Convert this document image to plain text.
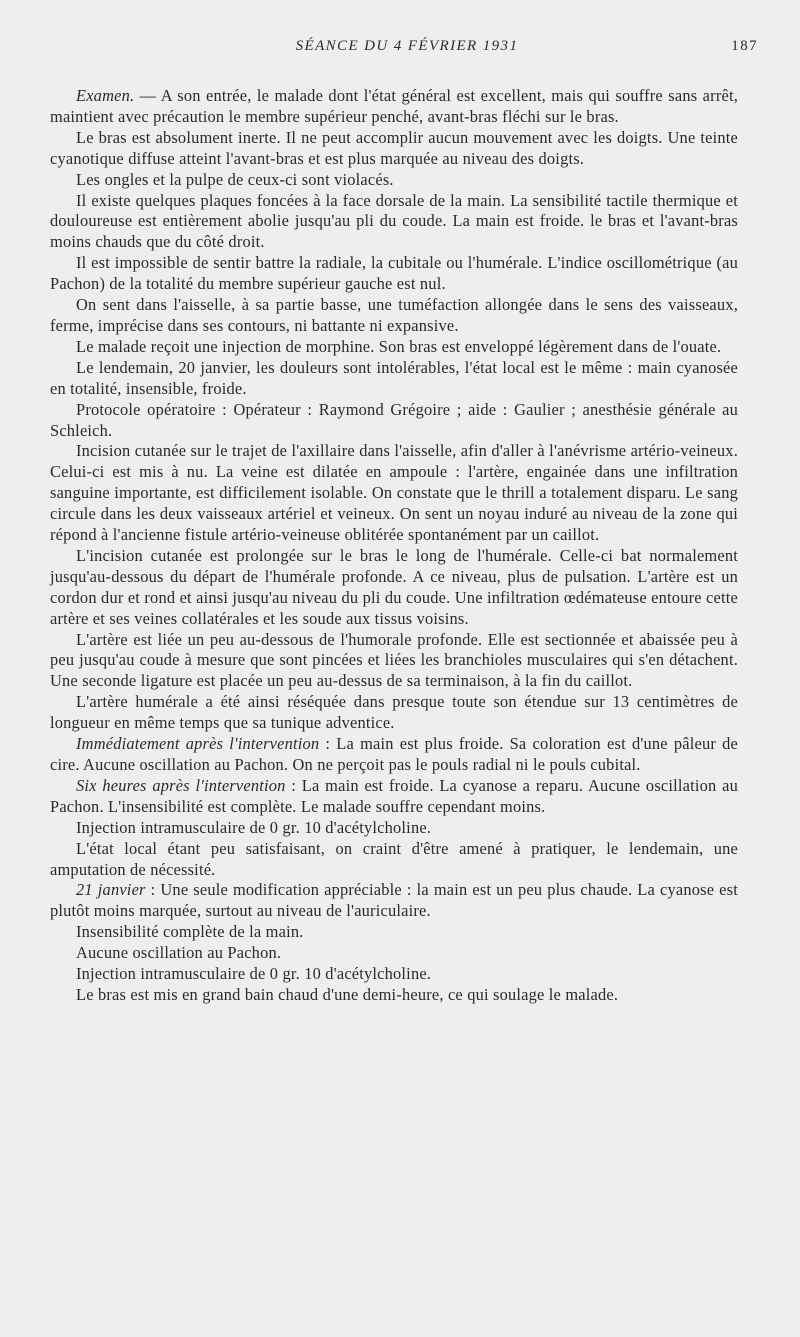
SÉANCE DU 4 FÉVRIER 1931	187

Examen. — A son entrée, le malade dont l'état général est excellent, mais qui souffre sans arrêt, maintient avec précaution le membre supérieur penché, avant-bras fléchi sur le bras.

Le bras est absolument inerte. Il ne peut accomplir aucun mouvement avec les doigts. Une teinte cyanotique diffuse atteint l'avant-bras et est plus marquée au niveau des doigts.

Les ongles et la pulpe de ceux-ci sont violacés.

Il existe quelques plaques foncées à la face dorsale de la main. La sensibilité tactile thermique et douloureuse est entièrement abolie jusqu'au pli du coude. La main est froide. le bras et l'avant-bras moins chauds que du côté droit.

Il est impossible de sentir battre la radiale, la cubitale ou l'humérale. L'indice oscillométrique (au Pachon) de la totalité du membre supérieur gauche est nul.

On sent dans l'aisselle, à sa partie basse, une tuméfaction allongée dans le sens des vaisseaux, ferme, imprécise dans ses contours, ni battante ni expansive.

Le malade reçoit une injection de morphine. Son bras est enveloppé légèrement dans de l'ouate.

Le lendemain, 20 janvier, les douleurs sont intolérables, l'état local est le même : main cyanosée en totalité, insensible, froide.

Protocole opératoire : Opérateur : Raymond Grégoire ; aide : Gaulier ; anesthésie générale au Schleich.

Incision cutanée sur le trajet de l'axillaire dans l'aisselle, afin d'aller à l'anévrisme artério-veineux. Celui-ci est mis à nu. La veine est dilatée en ampoule : l'artère, engainée dans une infiltration sanguine importante, est difficilement isolable. On constate que le thrill a totalement disparu. Le sang circule dans les deux vaisseaux artériel et veineux. On sent un noyau induré au niveau de la zone qui répond à l'ancienne fistule artério-veineuse oblitérée spontanément par un caillot.

L'incision cutanée est prolongée sur le bras le long de l'humérale. Celle-ci bat normalement jusqu'au-dessous du départ de l'humérale profonde. A ce niveau, plus de pulsation. L'artère est un cordon dur et rond et ainsi jusqu'au niveau du pli du coude. Une infiltration œdémateuse entoure cette artère et ses veines collatérales et les soude aux tissus voisins.

L'artère est liée un peu au-dessous de l'humorale profonde. Elle est sectionnée et abaissée peu à peu jusqu'au coude à mesure que sont pincées et liées les branchioles musculaires qui s'en détachent. Une seconde ligature est placée un peu au-dessus de sa terminaison, à la fin du caillot.

L'artère humérale a été ainsi réséquée dans presque toute son étendue sur 13 centimètres de longueur en même temps que sa tunique adventice.

Immédiatement après l'intervention : La main est plus froide. Sa coloration est d'une pâleur de cire. Aucune oscillation au Pachon. On ne perçoit pas le pouls radial ni le pouls cubital.

Six heures après l'intervention : La main est froide. La cyanose a reparu. Aucune oscillation au Pachon. L'insensibilité est complète. Le malade souffre cependant moins.

Injection intramusculaire de 0 gr. 10 d'acétylcholine.

L'état local étant peu satisfaisant, on craint d'être amené à pratiquer, le lendemain, une amputation de nécessité.

21 janvier : Une seule modification appréciable : la main est un peu plus chaude. La cyanose est plutôt moins marquée, surtout au niveau de l'auriculaire.

Insensibilité complète de la main.

Aucune oscillation au Pachon.

Injection intramusculaire de 0 gr. 10 d'acétylcholine.

Le bras est mis en grand bain chaud d'une demi-heure, ce qui soulage le malade.
